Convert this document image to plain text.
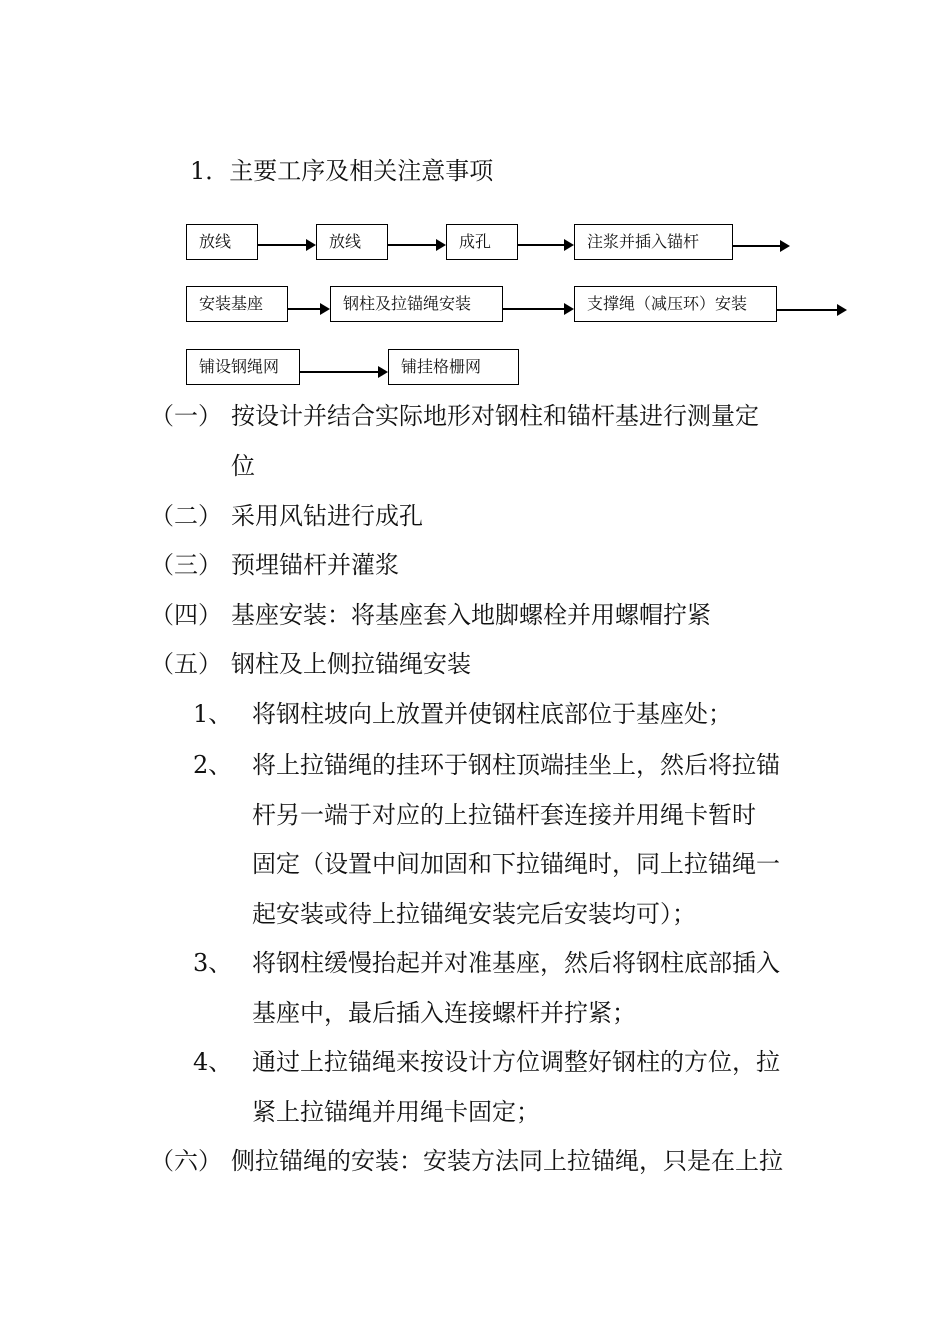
1．主要工序及相关注意事项
放线	放线	成孔	注浆并插入锚杆
安装基座	钢柱及拉锚绳安装	支撑绳（减压环）安装
铺设钢绳网	铺挂格栅网
（一） 按设计并结合实际地形对钢柱和锚杆基进行测量定
位
（二） 采用风钻进行成孔
（三） 预埋锚杆并灌浆
（四） 基座安装：将基座套入地脚螺栓并用螺帽拧紧
（五） 钢柱及上侧拉锚绳安装
1、 将钢柱坡向上放置并使钢柱底部位于基座处；
2、 将上拉锚绳的挂环于钢柱顶端挂坐上，然后将拉锚
杆另一端于对应的上拉锚杆套连接并用绳卡暂时
固定（设置中间加固和下拉锚绳时，同上拉锚绳一
起安装或待上拉锚绳安装完后安装均可）；
3、 将钢柱缓慢抬起并对准基座，然后将钢柱底部插入
基座中，最后插入连接螺杆并拧紧；
4、 通过上拉锚绳来按设计方位调整好钢柱的方位，拉
紧上拉锚绳并用绳卡固定；
（六） 侧拉锚绳的安装：安装方法同上拉锚绳，只是在上拉
